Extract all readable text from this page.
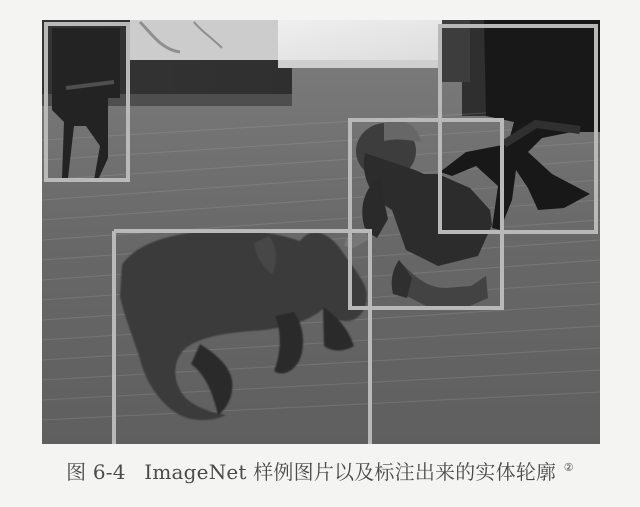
图 6-4 ImageNet 样例图片以及标注出来的实体轮廓 ②
